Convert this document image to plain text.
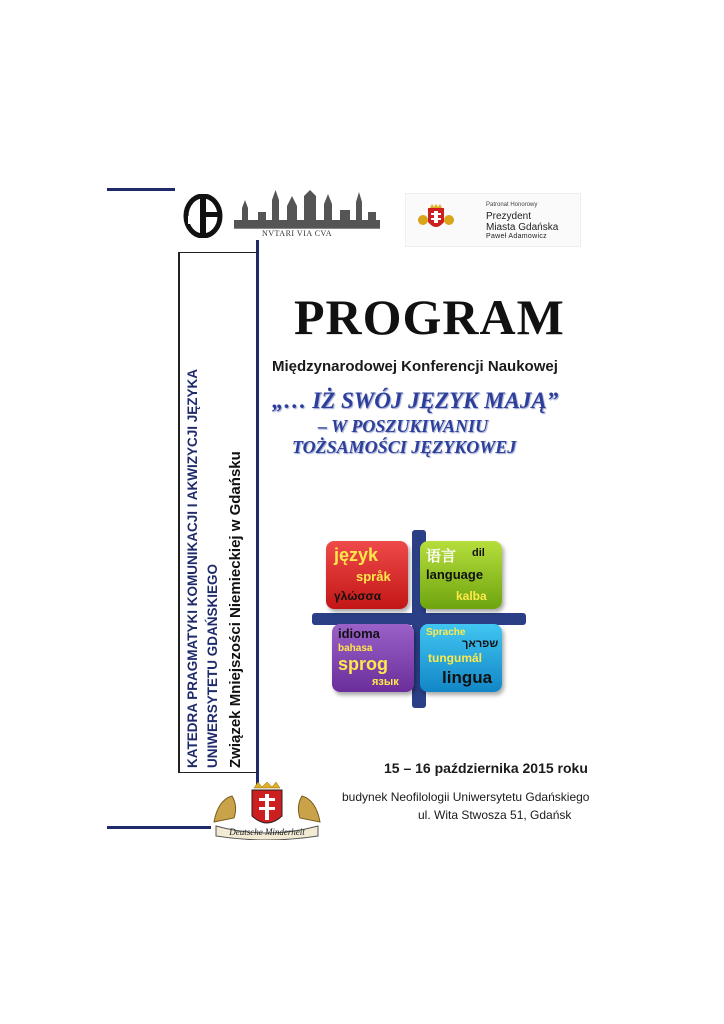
KATEDRA PRAGMATYKI KOMUNIKACJI I AKWIZYCJI JĘZYKA UNIWERSYTETU GDAŃSKIEGO Związek Mniejszości Niemieckiej w Gdańsku
NVTARI VIA CVA
Patronat Honorowy
Prezydent
Miasta Gdańska
Paweł Adamowicz
PROGRAM
Międzynarodowej Konferencji Naukowej
„… IŻ SWÓJ JĘZYK MAJĄ”
– W POSZUKIWANIU
TOŻSAMOŚCI JĘZYKOWEJ
język
språk
γλώσσα
语言 dil
language
kalba
idioma
bahasa
sprog
язык
Sprache
שפראך
tungumál
lingua
15 – 16 października 2015 roku
budynek Neofilologii Uniwersytetu Gdańskiego
ul. Wita Stwosza 51, Gdańsk
Deutsche Minderheit
